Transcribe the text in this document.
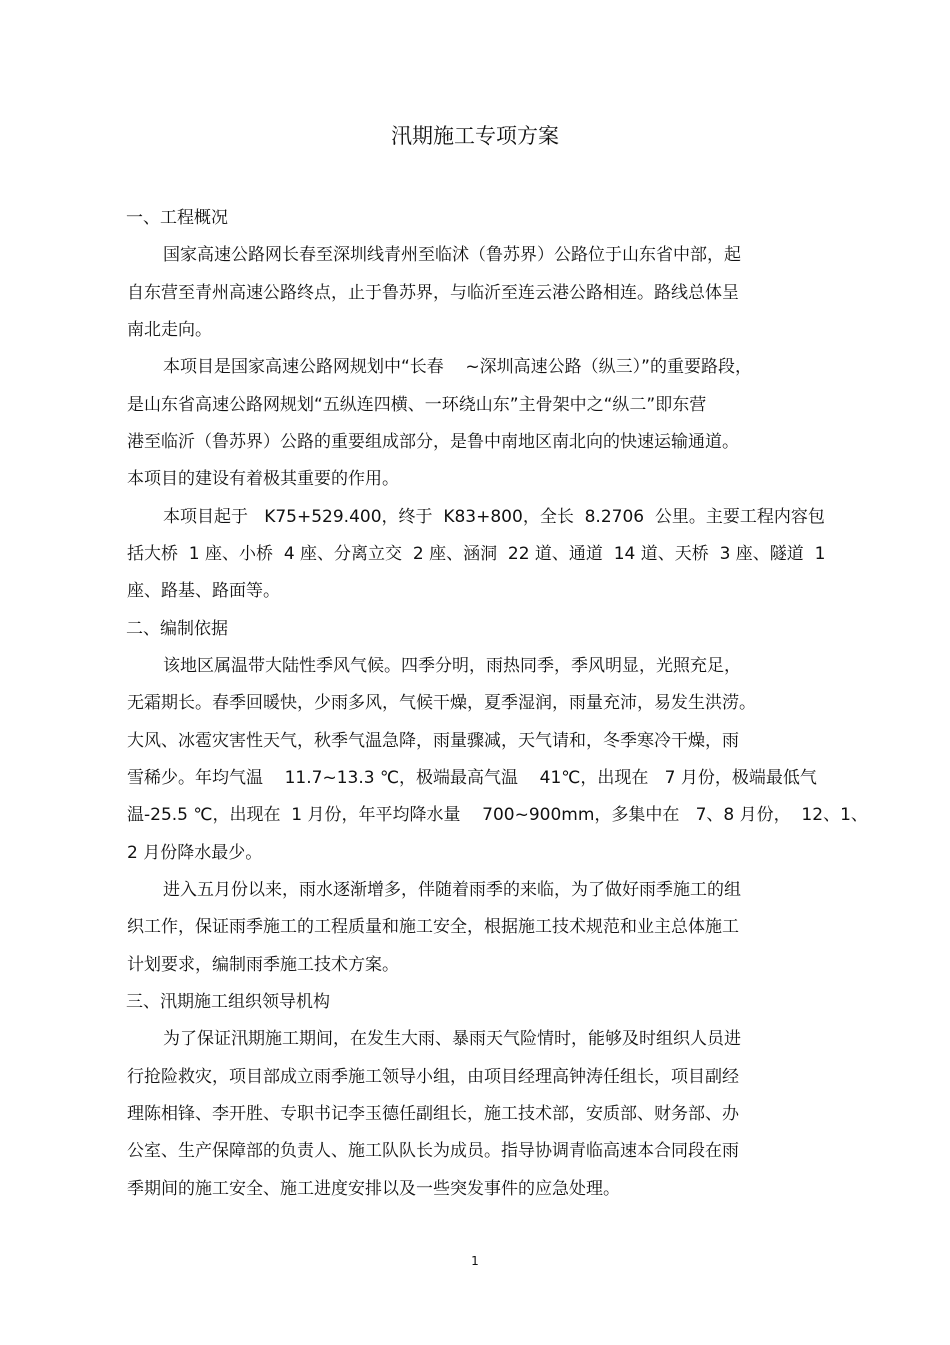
汛期施工专项方案
一、工程概况
国家高速公路网长春至深圳线青州至临沭（鲁苏界）公路位于山东省中部，起
自东营至青州高速公路终点，止于鲁苏界，与临沂至连云港公路相连。路线总体呈
南北走向。
本项目是国家高速公路网规划中“长春    ~深圳高速公路（纵三）”的重要路段，
是山东省高速公路网规划“五纵连四横、一环绕山东”主骨架中之“纵二”即东营
港至临沂（鲁苏界）公路的重要组成部分，是鲁中南地区南北向的快速运输通道。
本项目的建设有着极其重要的作用。
本项目起于   K75+529.400，终于  K83+800，全长  8.2706  公里。主要工程内容包
括大桥  1 座、小桥  4 座、分离立交  2 座、涵洞  22 道、通道  14 道、天桥  3 座、隧道  1
座、路基、路面等。
二、编制依据
该地区属温带大陆性季风气候。四季分明，雨热同季，季风明显，光照充足，
无霜期长。春季回暖快，少雨多风，气候干燥，夏季湿润，雨量充沛，易发生洪涝。
大风、冰雹灾害性天气，秋季气温急降，雨量骤减，天气请和，冬季寒冷干燥，雨
雪稀少。年均气温    11.7~13.3 ℃，极端最高气温    41℃，出现在   7 月份，极端最低气
温-25.5 ℃，出现在  1 月份，年平均降水量    700~900mm，多集中在   7、8 月份，  12、1、
2 月份降水最少。
进入五月份以来，雨水逐渐增多，伴随着雨季的来临，为了做好雨季施工的组
织工作，保证雨季施工的工程质量和施工安全，根据施工技术规范和业主总体施工
计划要求，编制雨季施工技术方案。
三、汛期施工组织领导机构
为了保证汛期施工期间，在发生大雨、暴雨天气险情时，能够及时组织人员进
行抢险救灾，项目部成立雨季施工领导小组，由项目经理高钟涛任组长，项目副经
理陈相锋、李开胜、专职书记李玉德任副组长，施工技术部，安质部、财务部、办
公室、生产保障部的负责人、施工队队长为成员。指导协调青临高速本合同段在雨
季期间的施工安全、施工进度安排以及一些突发事件的应急处理。
1
